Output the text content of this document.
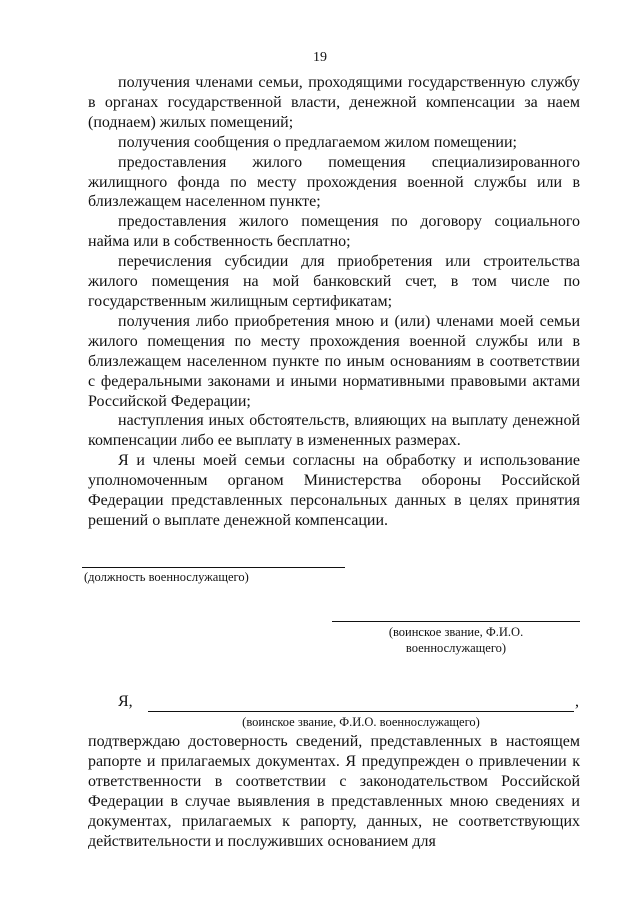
19

получения членами семьи, проходящими государственную службу в органах государственной власти, денежной компенсации за наем (поднаем) жилых помещений;

получения сообщения о предлагаемом жилом помещении;

предоставления жилого помещения специализированного жилищного фонда по месту прохождения военной службы или в близлежащем населенном пункте;

предоставления жилого помещения по договору социального найма или в собственность бесплатно;

перечисления субсидии для приобретения или строительства жилого помещения на мой банковский счет, в том числе по государственным жилищным сертификатам;

получения либо приобретения мною и (или) членами моей семьи жилого помещения по месту прохождения военной службы или в близлежащем населенном пункте по иным основаниям в соответствии с федеральными законами и иными нормативными правовыми актами Российской Федерации;

наступления иных обстоятельств, влияющих на выплату денежной компенсации либо ее выплату в измененных размерах.

Я и члены моей семьи согласны на обработку и использование уполномоченным органом Министерства обороны Российской Федерации представленных персональных данных в целях принятия решений о выплате денежной компенсации.

(должность военнослужащего)
(воинское звание, Ф.И.О.
военнослужащего)
Я,	,
(воинское звание, Ф.И.О. военнослужащего)

подтверждаю достоверность сведений, представленных в настоящем рапорте и прилагаемых документах. Я предупрежден о привлечении к ответственности в соответствии с законодательством Российской Федерации в случае выявления в представленных мною сведениях и документах, прилагаемых к рапорту, данных, не соответствующих действительности и послуживших основанием для
